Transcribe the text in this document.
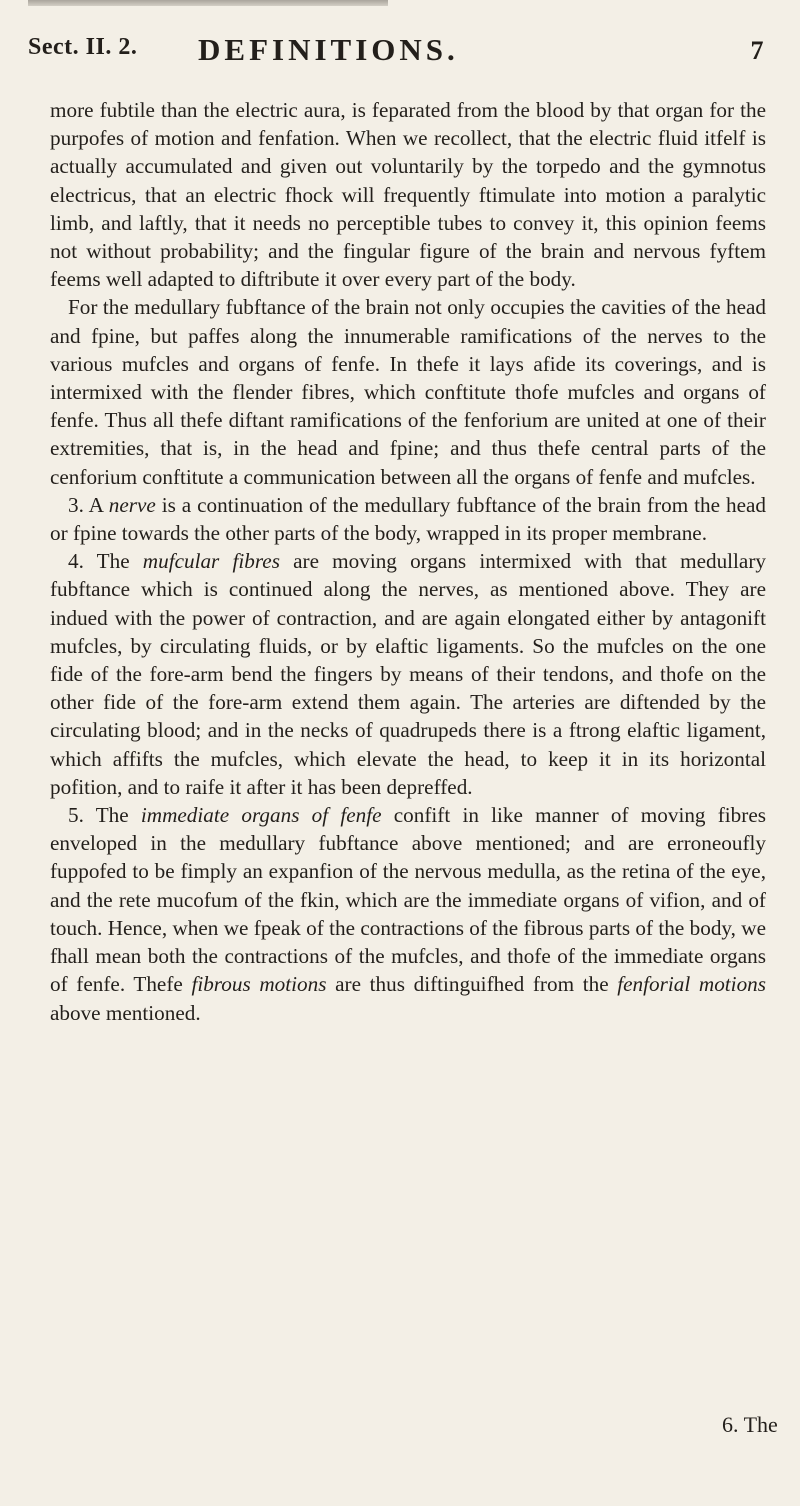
Sect. II. 2. DEFINITIONS.	7

more fubtile than the electric aura, is feparated from the blood by that organ for the purpofes of motion and fenfation. When we recollect, that the electric fluid itfelf is actually accumulated and given out voluntarily by the torpedo and the gymnotus electricus, that an electric fhock will frequently ftimulate into motion a paralytic limb, and laftly, that it needs no perceptible tubes to convey it, this opinion feems not without probability; and the fingular figure of the brain and nervous fyftem feems well adapted to diftribute it over every part of the body.

For the medullary fubftance of the brain not only occupies the cavities of the head and fpine, but paffes along the innumerable ramifications of the nerves to the various mufcles and organs of fenfe. In thefe it lays afide its coverings, and is intermixed with the flender fibres, which conftitute thofe mufcles and organs of fenfe. Thus all thefe diftant ramifications of the fenforium are united at one of their extremities, that is, in the head and fpine; and thus thefe central parts of the cenforium conftitute a communication between all the organs of fenfe and mufcles.

3. A nerve is a continuation of the medullary fubftance of the brain from the head or fpine towards the other parts of the body, wrapped in its proper membrane.

4. The mufcular fibres are moving organs intermixed with that medullary fubftance which is continued along the nerves, as mentioned above. They are indued with the power of contraction, and are again elongated either by antagonift mufcles, by circulating fluids, or by elaftic ligaments. So the mufcles on the one fide of the fore-arm bend the fingers by means of their tendons, and thofe on the other fide of the fore-arm extend them again. The arteries are diftended by the circulating blood; and in the necks of quadrupeds there is a ftrong elaftic ligament, which affifts the mufcles, which elevate the head, to keep it in its horizontal pofition, and to raife it after it has been depreffed.

5. The immediate organs of fenfe confift in like manner of moving fibres enveloped in the medullary fubftance above mentioned; and are erroneoufly fuppofed to be fimply an expanfion of the nervous medulla, as the retina of the eye, and the rete mucofum of the fkin, which are the immediate organs of vifion, and of touch. Hence, when we fpeak of the contractions of the fibrous parts of the body, we fhall mean both the contractions of the mufcles, and thofe of the immediate organs of fenfe. Thefe fibrous motions are thus diftinguifhed from the fenforial motions above mentioned.

6. The
